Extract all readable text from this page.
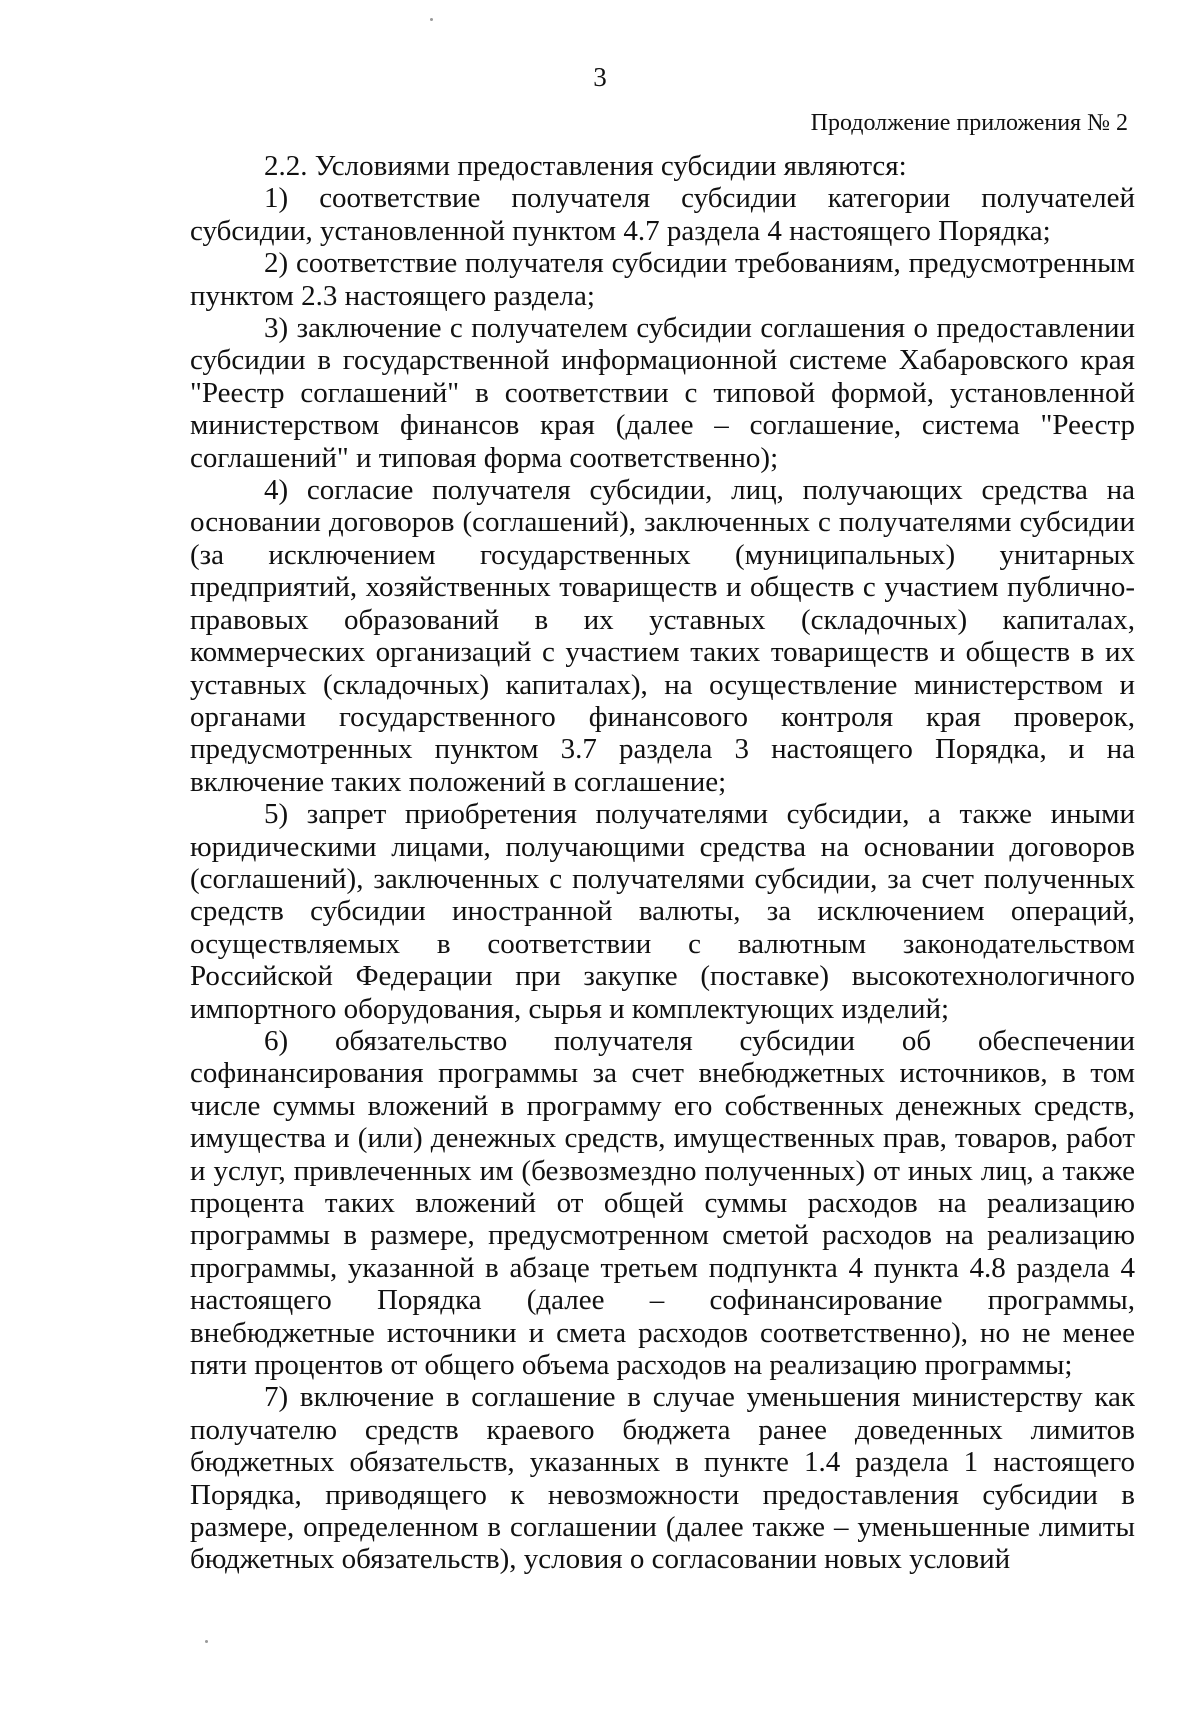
3
Продолжение приложения № 2

2.2. Условиями предоставления субсидии являются:

1) соответствие получателя субсидии категории получателей субсидии, установленной пунктом 4.7 раздела 4 настоящего Порядка;

2) соответствие получателя субсидии требованиям, предусмотренным пунктом 2.3 настоящего раздела;

3) заключение с получателем субсидии соглашения о предоставлении субсидии в государственной информационной системе Хабаровского края "Реестр соглашений" в соответствии с типовой формой, установленной министерством финансов края (далее – соглашение, система "Реестр соглашений" и типовая форма соответственно);

4) согласие получателя субсидии, лиц, получающих средства на основании договоров (соглашений), заключенных с получателями субсидии (за исключением государственных (муниципальных) унитарных предприятий, хозяйственных товариществ и обществ с участием публично-правовых образований в их уставных (складочных) капиталах, коммерческих организаций с участием таких товариществ и обществ в их уставных (складочных) капиталах), на осуществление министерством и органами государственного финансового контроля края проверок, предусмотренных пунктом 3.7 раздела 3 настоящего Порядка, и на включение таких положений в соглашение;

5) запрет приобретения получателями субсидии, а также иными юридическими лицами, получающими средства на основании договоров (соглашений), заключенных с получателями субсидии, за счет полученных средств субсидии иностранной валюты, за исключением операций, осуществляемых в соответствии с валютным законодательством Российской Федерации при закупке (поставке) высокотехнологичного импортного оборудования, сырья и комплектующих изделий;

6) обязательство получателя субсидии об обеспечении софинансирования программы за счет внебюджетных источников, в том числе суммы вложений в программу его собственных денежных средств, имущества и (или) денежных средств, имущественных прав, товаров, работ и услуг, привлеченных им (безвозмездно полученных) от иных лиц, а также процента таких вложений от общей суммы расходов на реализацию программы в размере, предусмотренном сметой расходов на реализацию программы, указанной в абзаце третьем подпункта 4 пункта 4.8 раздела 4 настоящего Порядка (далее – софинансирование программы, внебюджетные источники и смета расходов соответственно), но не менее пяти процентов от общего объема расходов на реализацию программы;

7) включение в соглашение в случае уменьшения министерству как получателю средств краевого бюджета ранее доведенных лимитов бюджетных обязательств, указанных в пункте 1.4 раздела 1 настоящего Порядка, приводящего к невозможности предоставления субсидии в размере, определенном в соглашении (далее также – уменьшенные лимиты бюджетных обязательств), условия о согласовании новых условий
